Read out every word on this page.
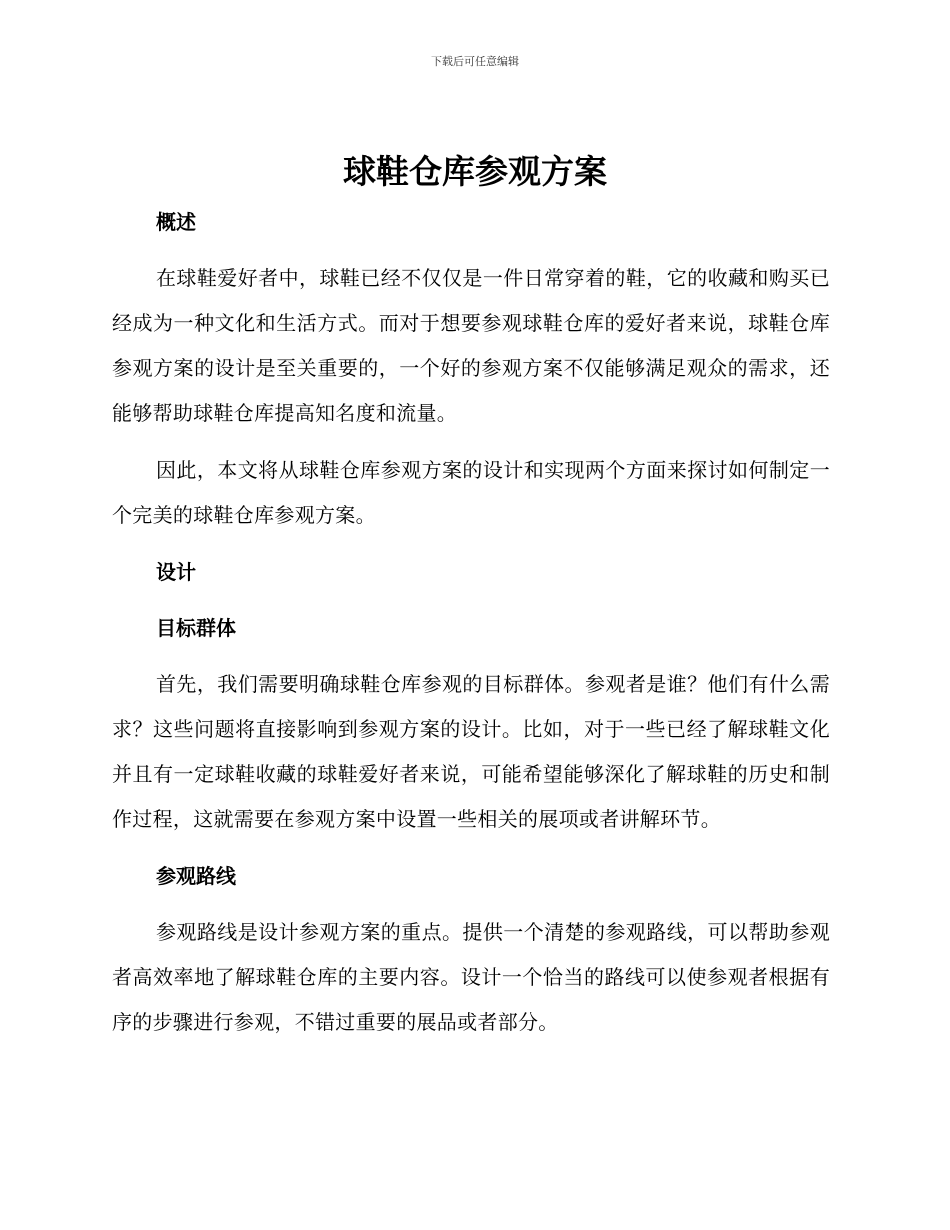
下载后可任意编辑
球鞋仓库参观方案
概述

在球鞋爱好者中，球鞋已经不仅仅是一件日常穿着的鞋，它的收藏和购买已经成为一种文化和生活方式。而对于想要参观球鞋仓库的爱好者来说，球鞋仓库参观方案的设计是至关重要的，一个好的参观方案不仅能够满足观众的需求，还能够帮助球鞋仓库提高知名度和流量。

因此，本文将从球鞋仓库参观方案的设计和实现两个方面来探讨如何制定一个完美的球鞋仓库参观方案。

设计
目标群体

首先，我们需要明确球鞋仓库参观的目标群体。参观者是谁？他们有什么需求？这些问题将直接影响到参观方案的设计。比如，对于一些已经了解球鞋文化并且有一定球鞋收藏的球鞋爱好者来说，可能希望能够深化了解球鞋的历史和制作过程，这就需要在参观方案中设置一些相关的展项或者讲解环节。

参观路线

参观路线是设计参观方案的重点。提供一个清楚的参观路线，可以帮助参观者高效率地了解球鞋仓库的主要内容。设计一个恰当的路线可以使参观者根据有序的步骤进行参观，不错过重要的展品或者部分。
